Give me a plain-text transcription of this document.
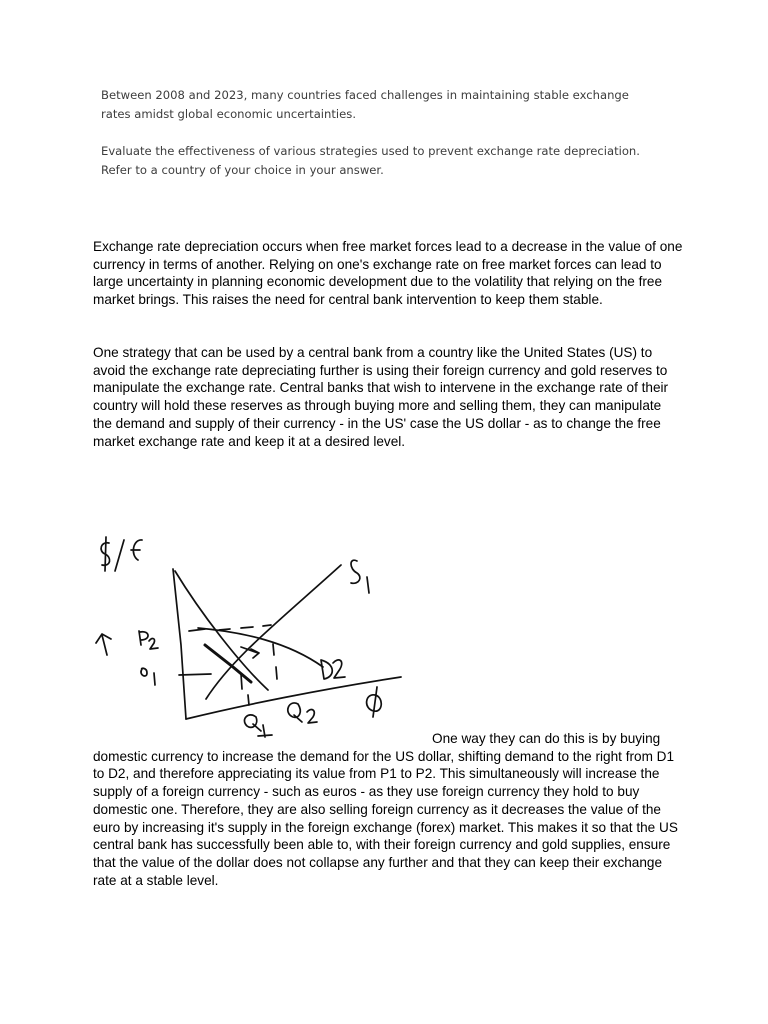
Between 2008 and 2023, many countries faced challenges in maintaining stable exchange rates amidst global economic uncertainties.

Evaluate the effectiveness of various strategies used to prevent exchange rate depreciation. Refer to a country of your choice in your answer.

Exchange rate depreciation occurs when free market forces lead to a decrease in the value of one currency in terms of another. Relying on one's exchange rate on free market forces can lead to large uncertainty in planning economic development due to the volatility that relying on the free market brings. This raises the need for central bank intervention to keep them stable.

One strategy that can be used by a central bank from a country like the United States (US) to avoid the exchange rate depreciating further is using their foreign currency and gold reserves to manipulate the exchange rate. Central banks that wish to intervene in the exchange rate of their country will hold these reserves as through buying more and selling them, they can manipulate the demand and supply of their currency - in the US' case the US dollar - as to change the free market exchange rate and keep it at a desired level.

One way they can do this is by buying

domestic currency to increase the demand for the US dollar, shifting demand to the right from D1 to D2, and therefore appreciating its value from P1 to P2. This simultaneously will increase the supply of a foreign currency - such as euros - as they use foreign currency they hold to buy domestic one. Therefore, they are also selling foreign currency as it decreases the value of the euro by increasing it's supply in the foreign exchange (forex) market. This makes it so that the US central bank has successfully been able to, with their foreign currency and gold supplies, ensure that the value of the dollar does not collapse any further and that they can keep their exchange rate at a stable level.
